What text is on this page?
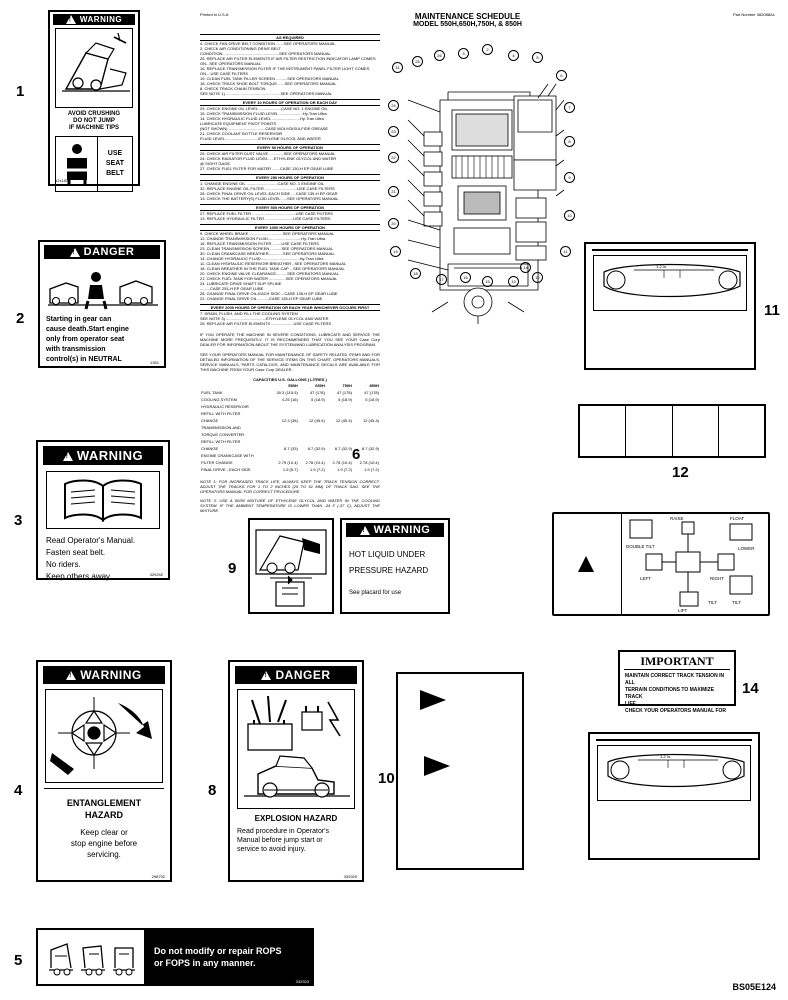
1
!WARNING
AVOID CRUSHING
DO NOT JUMP
IF MACHINE TIPS
USE
SEAT
BELT
12x1806
2
!DANGER
Starting in gear can
cause death.Start engine
only from operator seat
with transmission
control(s) in NEUTRAL	1351
3
!WARNING
Read Operator's Manual.
Fasten seat belt.
No riders.
Keep others away	329292
4
!WARNING
ENTANGLEMENT
HAZARD
Keep clear or
stop engine before
servicing.
298792
5
Do not modify or repair ROPS
or FOPS in any manner.
332923
6
Printed in U.S.A	MAINTENANCE SCHEDULE
MODEL 550H,650H,750H, & 850H
Part Number 382088A1
AS REQUIRED
4. CHECK FAN DRIVE BELT CONDITION .......SEE OPERATORS MANUAL
2. CHECK AIR CONDITIONING DRIVE BELT
CONDITION...................................................SEE OPERATORS MANUAL
25. REPLACE AIR FILTER ELEMENTS IF AIR FILTER RESTRICTION INDICATOR LAMP COMES ON...SEE OPERATORS MANUAL
16. REPLACE TRANSMISSION FILTER IF THE INSTRUMENT PANEL FILTER LIGHT COMES ON....USE CASE FILTERS
19. CLEAN FUEL TANK FILLER SCREEN ..........SEE OPERATORS MANUAL
18. CHECK TRACK SHOE BOLT TORQUE ......SEE OPERATORS MANUAL
8. CHECK TRACK CHAIN TENSION
SEE NOTE 1) .................................................SEE OPERATORS MANUAL
EVERY 10 HOURS OF OPERATION OR EACH DAY
29. CHECK ENGINE OIL LEVEL ....................CASE NO. 1 ENGINE OIL
15. CHECK TRANSMISSION FLUID LEVEL .....................Hy-Tran Ultra
14. CHECK HYDRAULIC FLUID LEVEL .........................Hy-Tran Ultra
LUBRICATE EQUIPMENT PIVOT POINTS
(NOT SHOWN) .................................CASE MOLY/DISULFIDE GREASE
21. CHECK COOLANT BOTTLE RESERVOIR
FLUID LEVEL .............................ETHYLENE GLYCOL AND WATER
EVERY 50 HOURS OF OPERATION
26. CHECK AIR FILTER DUST VALVE .............SEE OPERATORS MANUAL
24. CHECK RADIATOR FLUID LEVEL ....ETHYLENE GLYCOL AND WATER
@ SIGHT GAGE.
27. CHECK FUEL FILTER FOR WATER .......CASE 130-H EP GEAR LUBE
EVERY 250 HOURS OF OPERATION
1. CHANGE ENGINE OIL ............................CASE NO. 1 ENGINE OIL
32. REPLACE ENGINE OIL FILTER .............................USE CASE FILTERS
28. CHECK FINAL DRIVE OIL LEVEL-EACH SIDE ....CASE 135-H EP GEAR
13. CHECK THE BATTERY(S) FLUID LEVEL .....SEE OPERATORS MANUAL
EVERY 500 HOURS OF OPERATION
27. REPLACE FUEL FILTER .......................................USE CASE FILTERS
13. REPLACE HYDRAULIC FILTER .........................USE CASE FILTERS
EVERY 1000 HOURS OF OPERATION
9. CHECK WHEEL BRAKE ..............................SEE OPERATORS MANUAL
12. CHANGE TRANSMISSION FLUID..............................Hy-Tran Ultra
16. REPLACE TRANSMISSION FILTER ........USE CASE FILTERS
23. CLEAN TRANSMISSION SCREEN ..........SEE OPERATORS MANUAL
30. CLEAN CRANKCASE BREATHER.............SEE OPERATORS MANUAL
14. CHANGE HYDRAULIC FLUID...................................Hy-Tran Ultra
11. CLEAN HYDRAULIC RESERVOIR BREATHER ..SEE OPERATORS MANUAL
18. CLEAN BREATHER IN THE FUEL TANK CAP ...SEE OPERATORS MANUAL
20. CHECK ENGINE VALVE CLEARANCE..........SEE OPERATORS MANUAL
21. CHECK FUEL TANK FOR WATER ...............SEE OPERATORS MANUAL
24. LUBRICATE DRIVE SHAFT SLIP SPLINE
.........CASE 251-H EP GEAR LUBE
28. CHANGE FINAL DRIVE OIL-EACH SIDE ...CASE 135-H EP GEAR LUBE
22. CHANGE FINAL DRIVE OIL ..........CASE 135-H EP GEAR LUBE
EVERY 2000 HOURS OF OPERATION OR EACH YEAR WHICHEVER OCCURS FIRST
7. DRAIN, FLUSH, AND FILL THE COOLING SYSTEM
SEE NOTE 3) ....................................ETHYLENE GLYCOL AND WATER
25. REPLACE AIR FILTER ELEMENTS ....................USE CASE FILTERS
IF YOU OPERATE THE MACHINE IN SEVERE CONDITIONS, LUBRICATE AND SERVICE THE MACHINE MORE FREQUENTLY. IT IS RECOMMENDED THAT YOU SEE YOUR Case Corp DEALER FOR INFORMATION ABOUT THE SYSTEM/AND LUBRICATION ANALYSIS PROGRAM.
SEE YOUR OPERATORS MANUAL FOR MAINTENANCE OF SAFETY RELATED ITEMS AND FOR DETAILED INFORMATION OF THE SERVICE ITEMS ON THIS CHART. OPERATORS MANUALS, SERVICE MANUALS, PARTS CATALOGS, AND MAINTENANCE DECALS ARE AVAILABLE FOR THIS MACHINE FROM YOUR Case Corp DEALER.
CAPACITIES U.S. GALLONS ( LITRES )
	550H	650H	750H	850H
FUEL TANK	30.3 (115.5)	47 (178)	47 (178)	47 (178)
COOLING SYSTEM	4.25 (16)	5 (18.9)	5 (18.9)	5 (18.9)
HYDRAULIC RESERVOIR				
REFILL WITH FILTER				
CHANGE	12.3 (38)	12 (45.4)	12 (45.4)	12 (45.4)
TRANSMISSION AND				
TORQUE CONVERTER				
REFILL WITH FILTER				
CHANGE	8.7 (33)	8.7 (32.9)	8.7 (32.9)	8.7 (32.9)
ENGINE CRANKCASE WITH				
FILTER CHANGE	2.79 (10.4)	2.78 (10.4)	2.78 (10.4)	2.78 (10.4)
FINAL DRIVE - EACH SIDE	1.5 (5.7)	1.9 (7.2)	1.9 (7.2)	1.9 (7.2)
NOTE 1: FOR INCREASED TRACK LIFE, ALWAYS KEEP THE TRACK TENSION CORRECT. ADJUST THE TRACKS FOR 1 TO 2 INCHES (25 TO 51 MM) OF TRACK SAG. SEE THE OPERATORS MANUAL FOR CORRECT PROCEDURE.
NOTE 3: USE A 50/50 MIXTURE OF ETHYLENE GLYCOL AND WATER IN THE COOLING SYSTEM. IF THE AMBIENT TEMPERATURE IS LOWER THAN -34 F (-37 C), ADJUST THE MIXTURE.
31
3
2
4	5
6
7
8
9
10
11
12
13
14
15
16
17
18
19
20
21
22
23
24
25
26
9
!WARNING
HOT LIQUID UNDER
PRESSURE HAZARD
See placard for use
8
!DANGER
EXPLOSION HAZARD
Read procedure in Operator's
Manual before jump start or
service to avoid injury.
332920
10
11
1-2 in.
12
FLOAT
RAISE
DOUBLE TILT
LEFT	RIGHT
LOWER
TILT
LIFT
TILT
14
IMPORTANT
MAINTAIN CORRECT TRACK TENSION IN ALL
TERRAIN CONDITIONS TO MAXIMIZE TRACK
LIFE.
CHECK YOUR OPERATORS MANUAL FOR
1-2 in.
BS05E124
